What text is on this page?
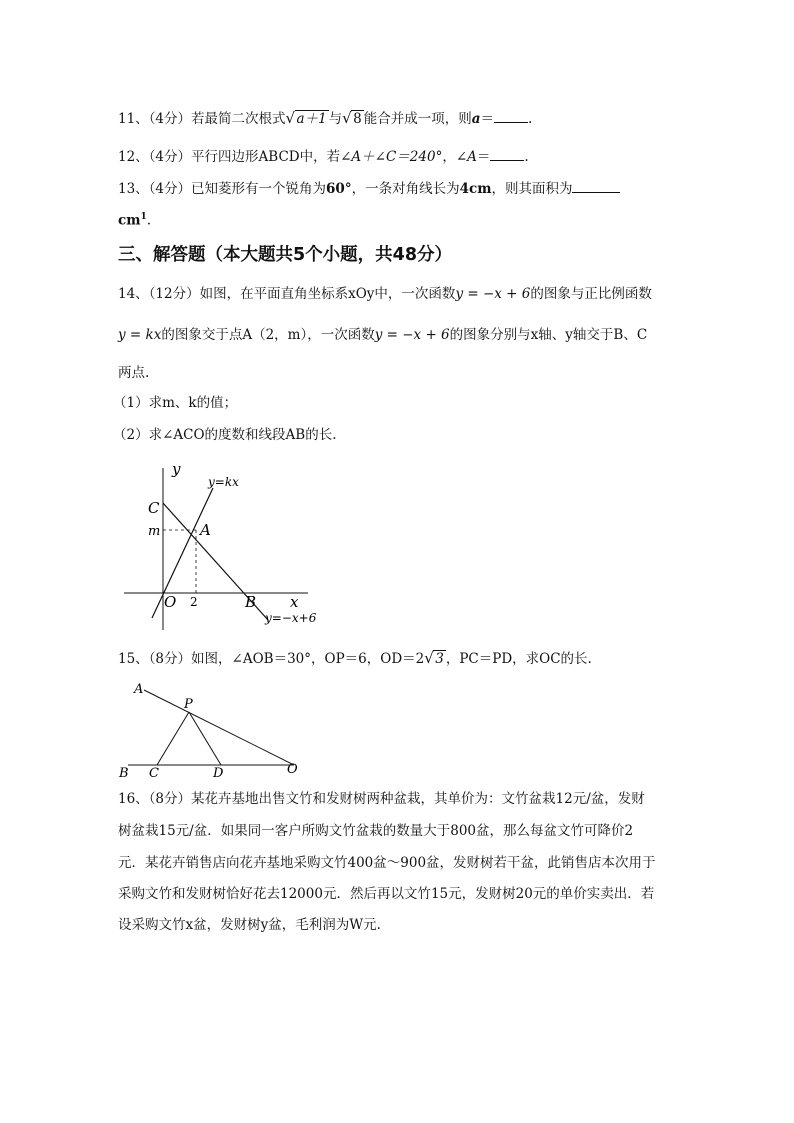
11、（4分）若最简二次根式 √ a＋1 与 √ 8 能合并成一项，则a＝	.
12、（4分）平行四边形ABCD中，若∠A＋∠C＝240°，∠A＝	.
13、（4分）已知菱形有一个锐角为60°，一条对角线长为4cm，则其面积为
$cm^1$.
三、解答题（本大题共5个小题，共48分）
14、（12分）如图，在平面直角坐标系xOy中，一次函数y = −x + 6的图象与正比例函数
y = kx的图象交于点A（2，m），一次函数y = −x + 6的图象分别与x轴、y轴交于B、C
两点.
（1）求m、k的值；
（2）求∠ACO的度数和线段AB的长.
y
x
C
m	A
O 2	B
y=kx
y=−x+6
15、（8分）如图，∠AOB＝30°，OP＝6，OD＝2 √ 3 ，PC＝PD，求OC的长.
A
P
B C	D	O
16、（8分）某花卉基地出售文竹和发财树两种盆栽，其单价为：文竹盆栽12元/盆，发财
树盆栽15元/盆．如果同一客户所购文竹盆栽的数量大于800盆，那么每盆文竹可降价2
元．某花卉销售店向花卉基地采购文竹400盆～900盆，发财树若干盆，此销售店本次用于
采购文竹和发财树恰好花去12000元．然后再以文竹15元，发财树20元的单价实卖出．若
设采购文竹x盆，发财树y盆，毛利润为W元.
